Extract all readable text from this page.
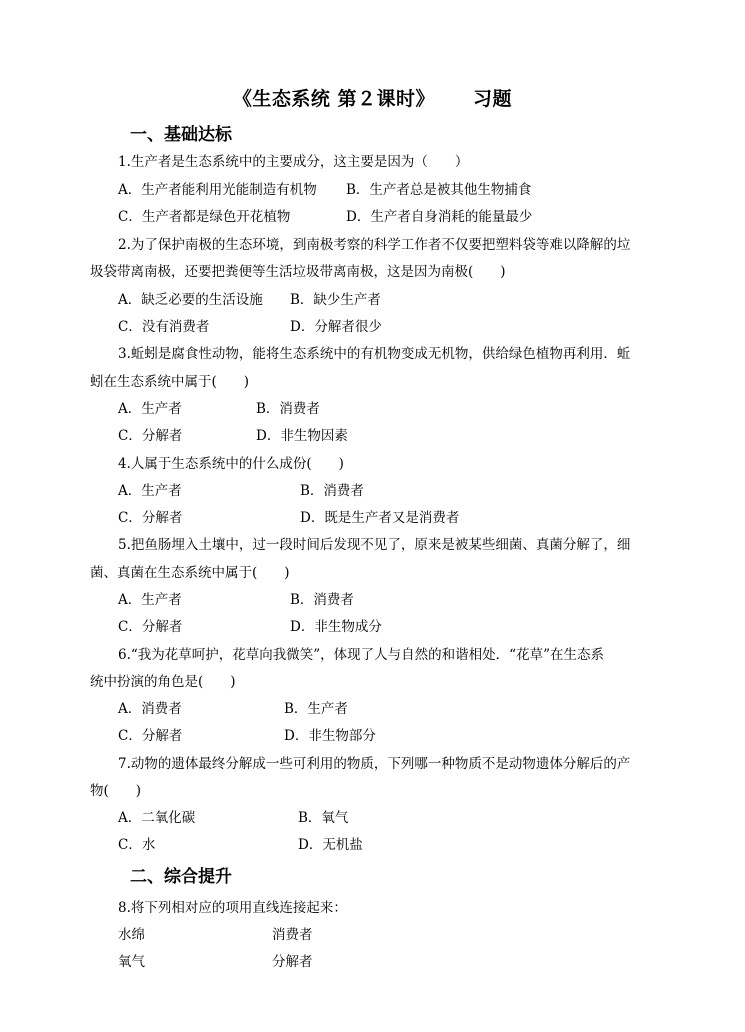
《生态系统 第２课时》 习题
一、基础达标
1.生产者是生态系统中的主要成分，这主要是因为（　　）
A．生产者能利用光能制造有机物 B．生产者总是被其他生物捕食
C．生产者都是绿色开花植物	D．生产者自身消耗的能量最少
2.为了保护南极的生态环境，到南极考察的科学工作者不仅要把塑料袋等难以降解的垃
圾袋带离南极，还要把粪便等生活垃圾带离南极，这是因为南极(　　)
A．缺乏必要的生活设施 B．缺少生产者
C．没有消费者	D．分解者很少
3.蚯蚓是腐食性动物，能将生态系统中的有机物变成无机物，供给绿色植物再利用．蚯
蚓在生态系统中属于(　　)
A．生产者	B．消费者
C．分解者	D．非生物因素
4.人属于生态系统中的什么成份(　　)
A．生产者	B．消费者
C．分解者	D．既是生产者又是消费者
5.把鱼肠埋入土壤中，过一段时间后发现不见了，原来是被某些细菌、真菌分解了，细
菌、真菌在生态系统中属于(　　)
A．生产者	B．消费者
C．分解者	D．非生物成分
6.“我为花草呵护，花草向我微笑”，体现了人与自然的和谐相处．“花草”在生态系
统中扮演的角色是(　　)
A．消费者	B．生产者
C．分解者	D．非生物部分
7.动物的遗体最终分解成一些可利用的物质，下列哪一种物质不是动物遗体分解后的产
物(　　)
A．二氧化碳	B．氧气
C．水	D．无机盐
二、综合提升
8.将下列相对应的项用直线连接起来：
水绵	消费者
氧气	分解者
